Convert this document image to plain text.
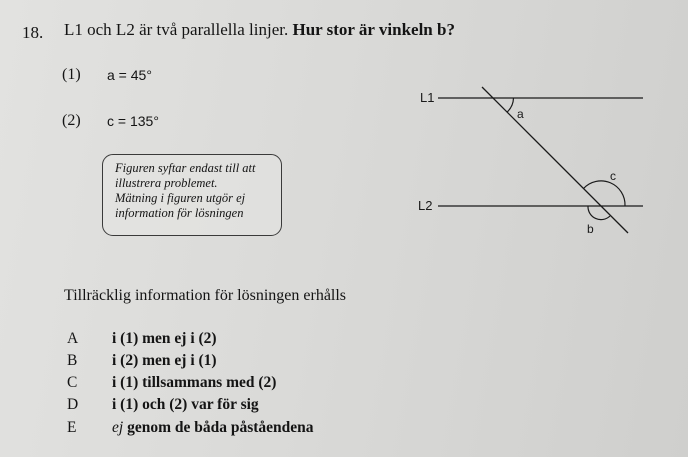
18. L1 och L2 är två parallella linjer. Hur stor är vinkeln b?
(1) a = 45°
(2) c = 135°
Figuren syftar endast till att
illustrera problemet.
Mätning i figuren utgör ej
information för lösningen
L1
L2
a
c
b
Tillräcklig information för lösningen erhålls
A i (1) men ej i (2)
B i (2) men ej i (1)
C i (1) tillsammans med (2)
D i (1) och (2) var för sig
E ej genom de båda påståendena
